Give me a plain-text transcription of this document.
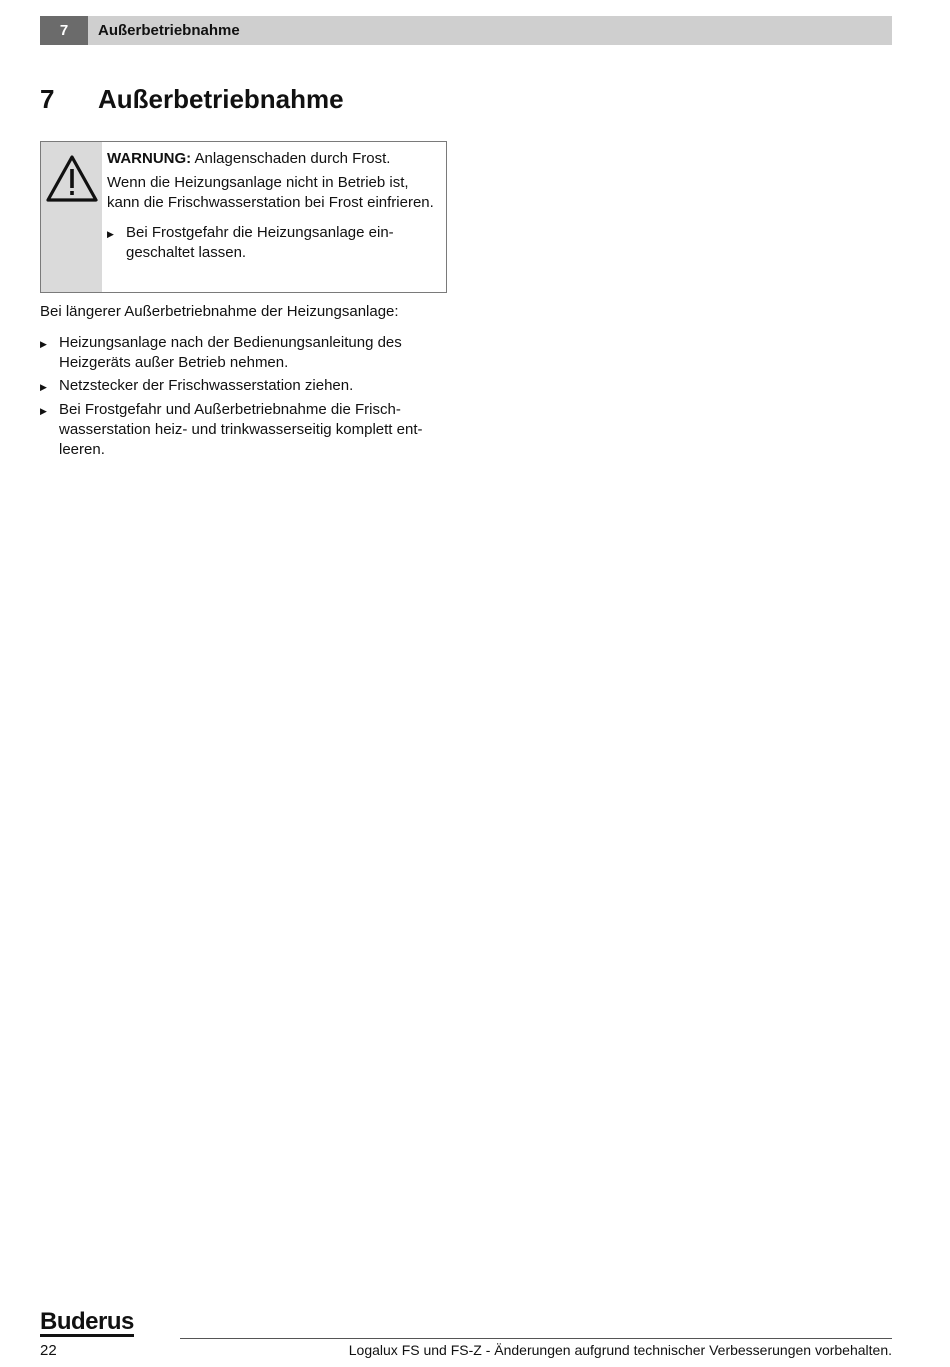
7	Außerbetriebnahme
7	Außerbetriebnahme

WARNUNG: Anlagenschaden durch Frost.

Wenn die Heizungsanlage nicht in Betrieb ist, kann die Frischwasserstation bei Frost einfrieren.

▶ Bei Frostgefahr die Heizungsanlage ein-geschaltet lassen.

Bei längerer Außerbetriebnahme der Heizungsanlage:

▶ Heizungsanlage nach der Bedienungsanleitung des Heizgeräts außer Betrieb nehmen.
▶ Netzstecker der Frischwasserstation ziehen.
▶ Bei Frostgefahr und Außerbetriebnahme die Frisch-wasserstation heiz- und trinkwasserseitig komplett ent-leeren.
Buderus
22	Logalux FS und FS-Z - Änderungen aufgrund technischer Verbesserungen vorbehalten.
